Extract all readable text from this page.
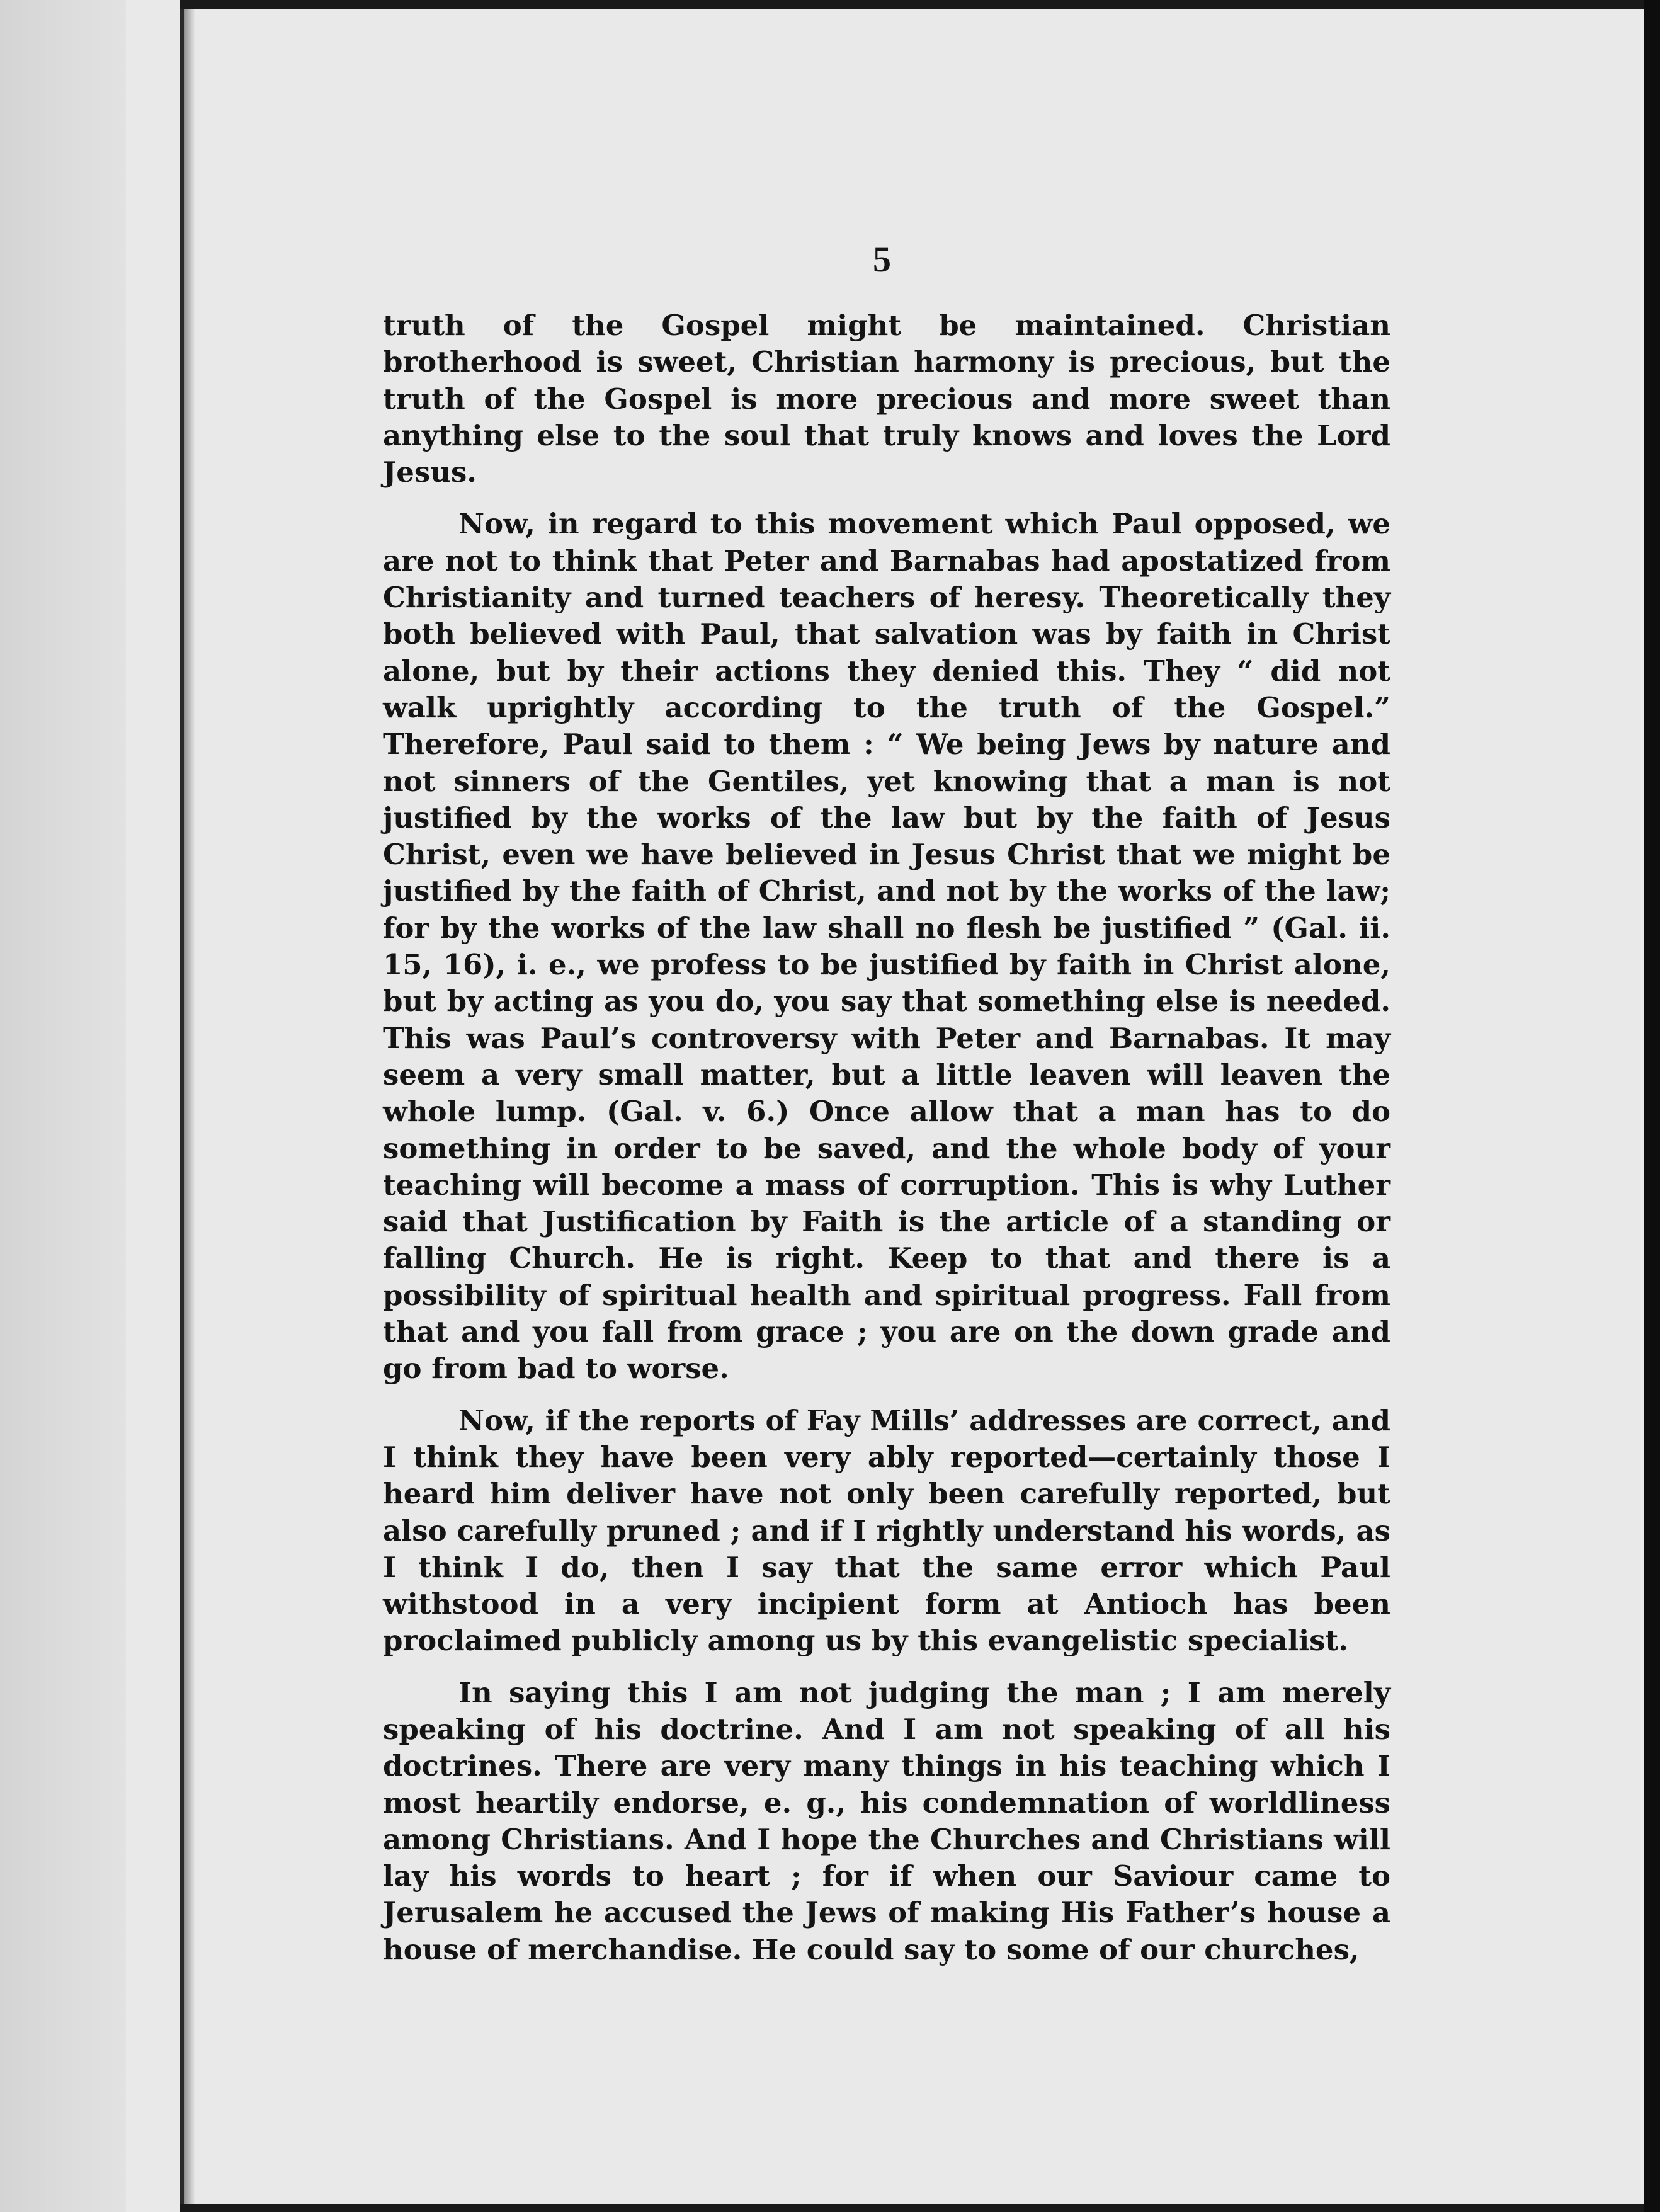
5

truth of the Gospel might be maintained. Christian brotherhood is sweet, Christian harmony is precious, but the truth of the Gospel is more precious and more sweet than anything else to the soul that truly knows and loves the Lord Jesus.

Now, in regard to this movement which Paul opposed, we are not to think that Peter and Barnabas had apostatized from Christianity and turned teachers of heresy. Theoretically they both believed with Paul, that salvation was by faith in Christ alone, but by their actions they denied this. They “ did not walk uprightly according to the truth of the Gospel.” Therefore, Paul said to them : “ We being Jews by nature and not sinners of the Gentiles, yet knowing that a man is not justified by the works of the law but by the faith of Jesus Christ, even we have believed in Jesus Christ that we might be justified by the faith of Christ, and not by the works of the law; for by the works of the law shall no flesh be justified ” (Gal. ii. 15, 16), i. e., we profess to be justified by faith in Christ alone, but by acting as you do, you say that something else is needed. This was Paul’s controversy with Peter and Barnabas. It may seem a very small matter, but a little leaven will leaven the whole lump. (Gal. v. 6.) Once allow that a man has to do something in order to be saved, and the whole body of your teaching will become a mass of corruption. This is why Luther said that Justification by Faith is the article of a standing or falling Church. He is right. Keep to that and there is a possibility of spiritual health and spiritual progress. Fall from that and you fall from grace ; you are on the down grade and go from bad to worse.

Now, if the reports of Fay Mills’ addresses are correct, and I think they have been very ably reported—certainly those I heard him deliver have not only been carefully reported, but also carefully pruned ; and if I rightly understand his words, as I think I do, then I say that the same error which Paul withstood in a very incipient form at Antioch has been proclaimed publicly among us by this evangelistic specialist.

In saying this I am not judging the man ; I am merely speaking of his doctrine. And I am not speaking of all his doctrines. There are very many things in his teaching which I most heartily endorse, e. g., his condemnation of worldliness among Christians. And I hope the Churches and Christians will lay his words to heart ; for if when our Saviour came to Jerusalem he accused the Jews of making His Father’s house a house of merchandise. He could say to some of our churches,
